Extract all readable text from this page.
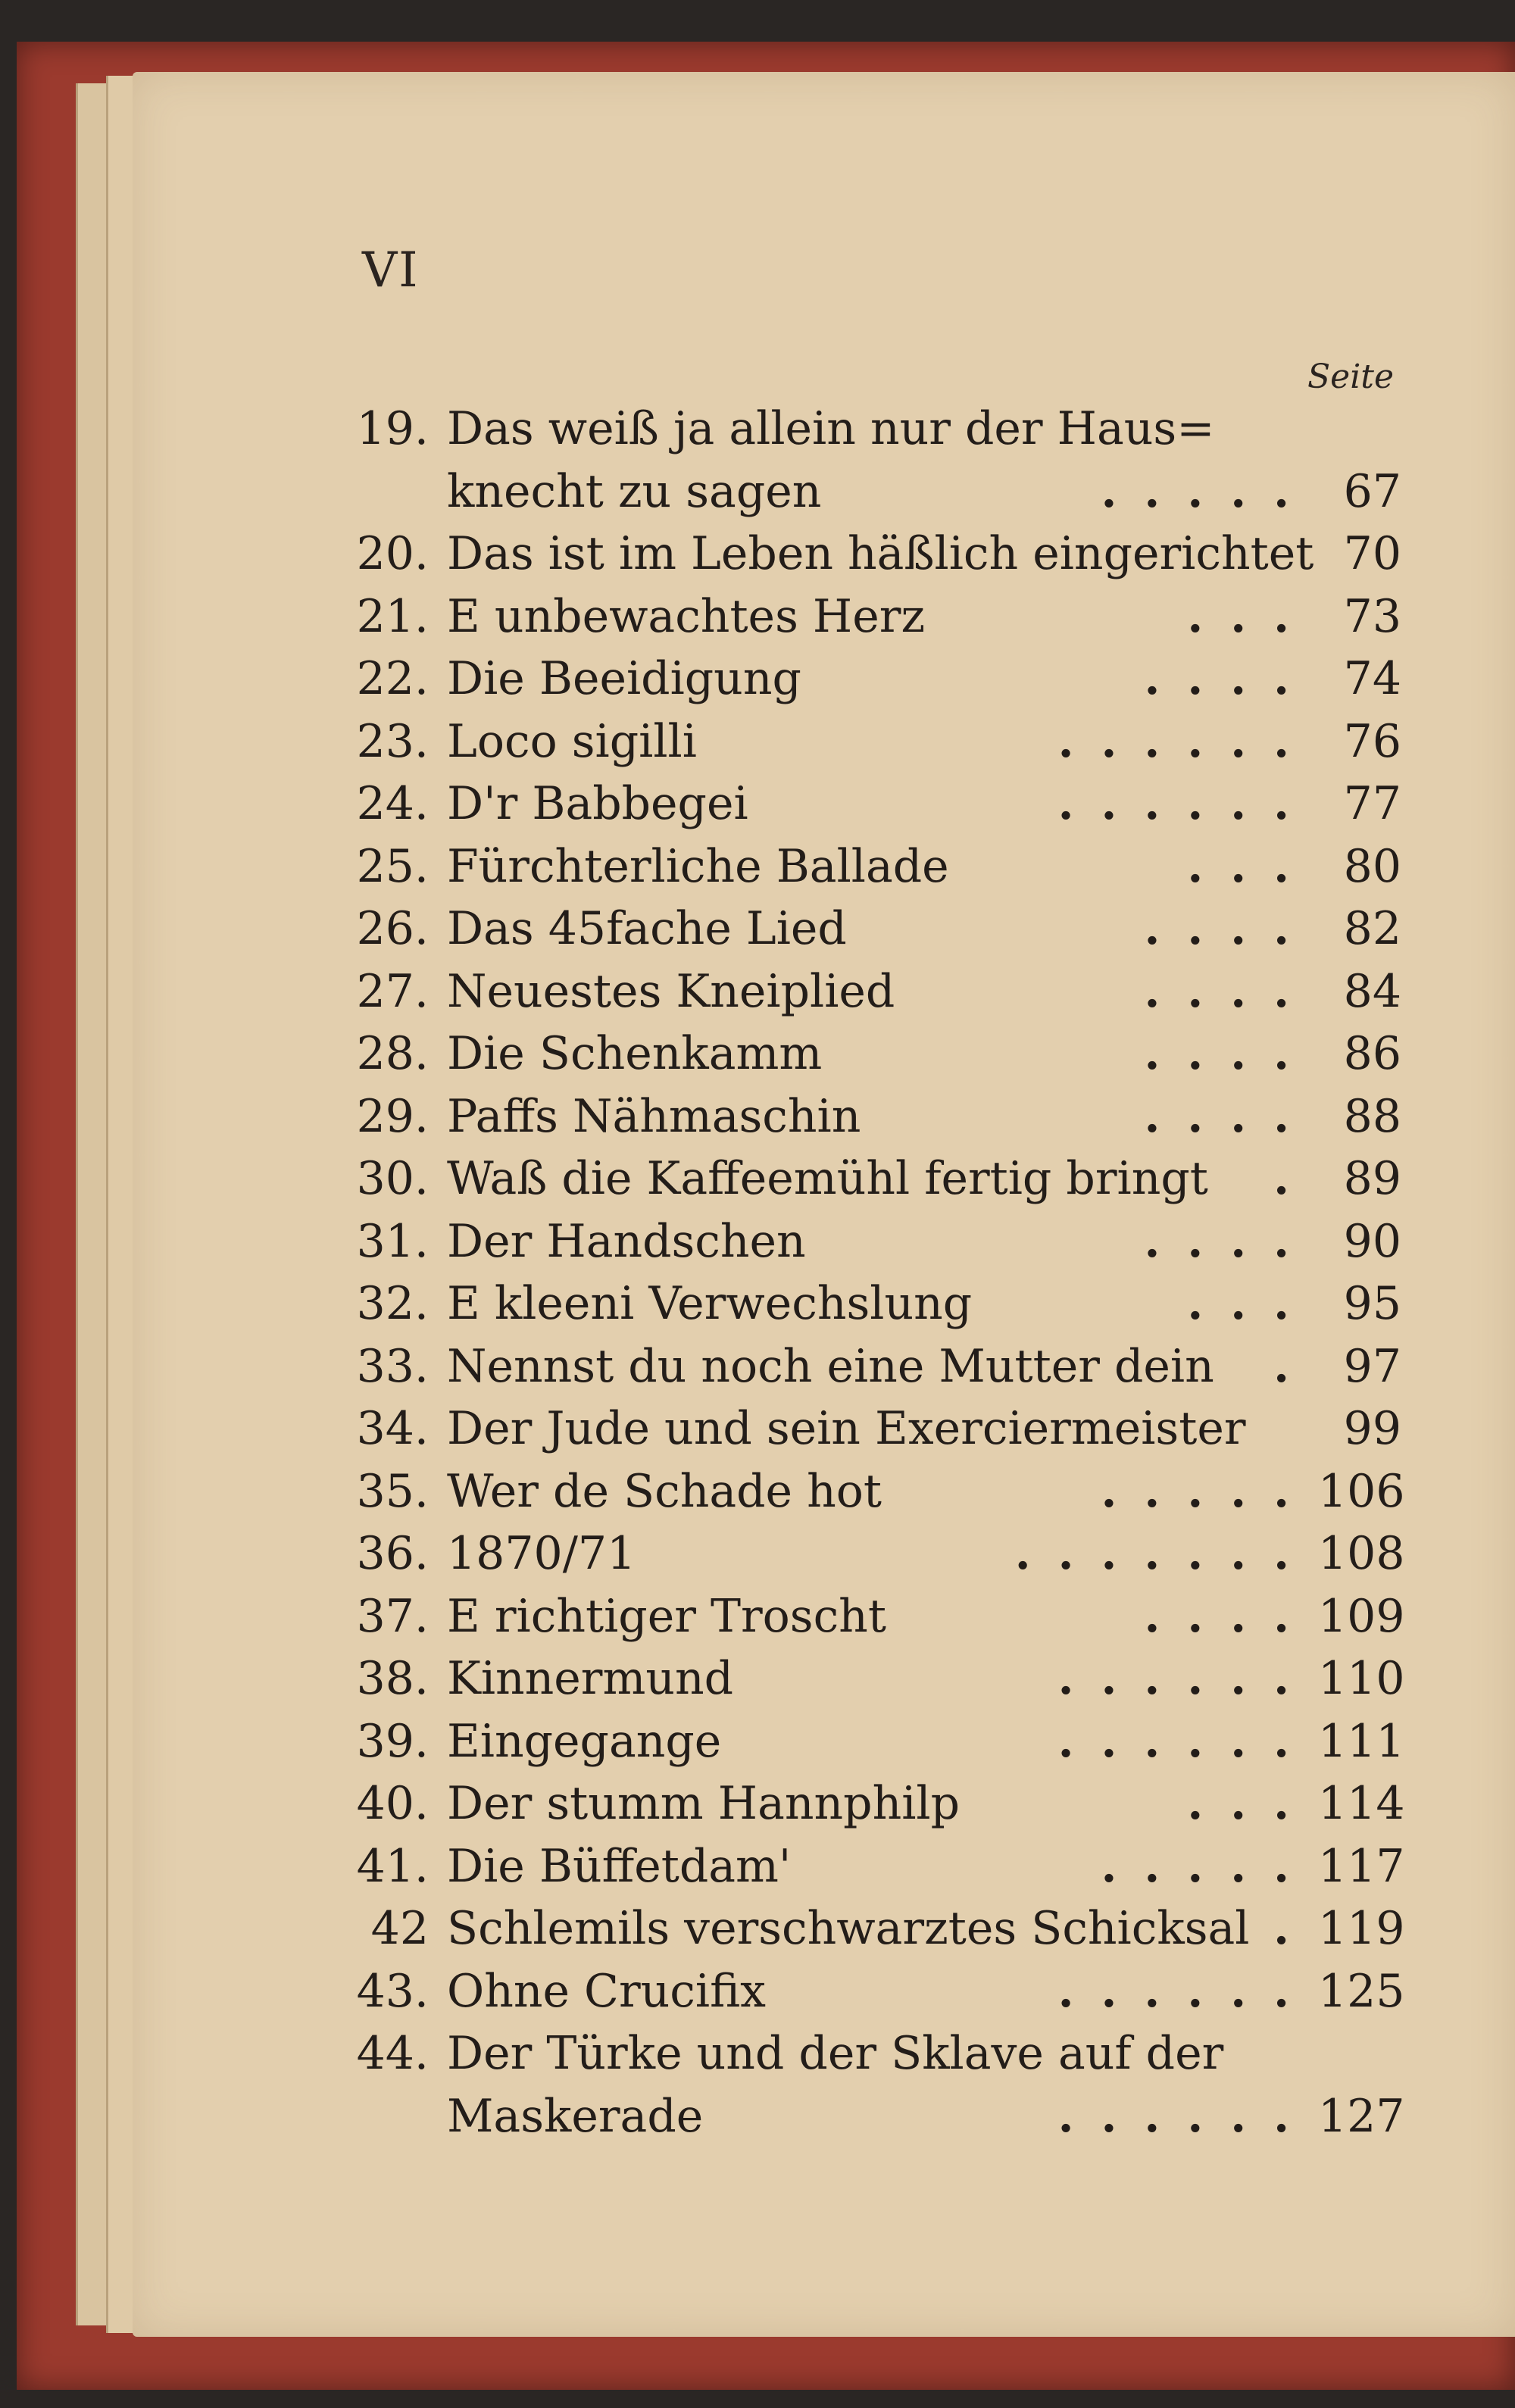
VI
Seite
19. Das weiß ja allein nur der Haus=
knecht zu sagen	..... 67
20. Das ist im Leben häßlich eingerichtet 70
21. E unbewachtes Herz	... 73
22. Die Beeidigung	.... 74
23. Loco sigilli	...... 76
24. D'r Babbegei	...... 77
25. Fürchterliche Ballade	... 80
26. Das 45fache Lied	.... 82
27. Neuestes Kneiplied	.... 84
28. Die Schenkamm	.... 86
29. Paffs Nähmaschin	.... 88
30. Waß die Kaffeemühl fertig bringt . 89
31. Der Handschen	.... 90
32. E kleeni Verwechslung	... 95
33. Nennst du noch eine Mutter dein . 97
34. Der Jude und sein Exerciermeister	99
35. Wer de Schade hot	..... 106
36. 1870/71	....... 108
37. E richtiger Troscht	.... 109
38. Kinnermund	...... 110
39. Eingegange	...... 111
40. Der stumm Hannphilp	... 114
41. Die Büffetdam'	..... 117
42 Schlemils verschwarztes Schicksal . 119
43. Ohne Crucifix	...... 125
44. Der Türke und der Sklave auf der
Maskerade	...... 127
